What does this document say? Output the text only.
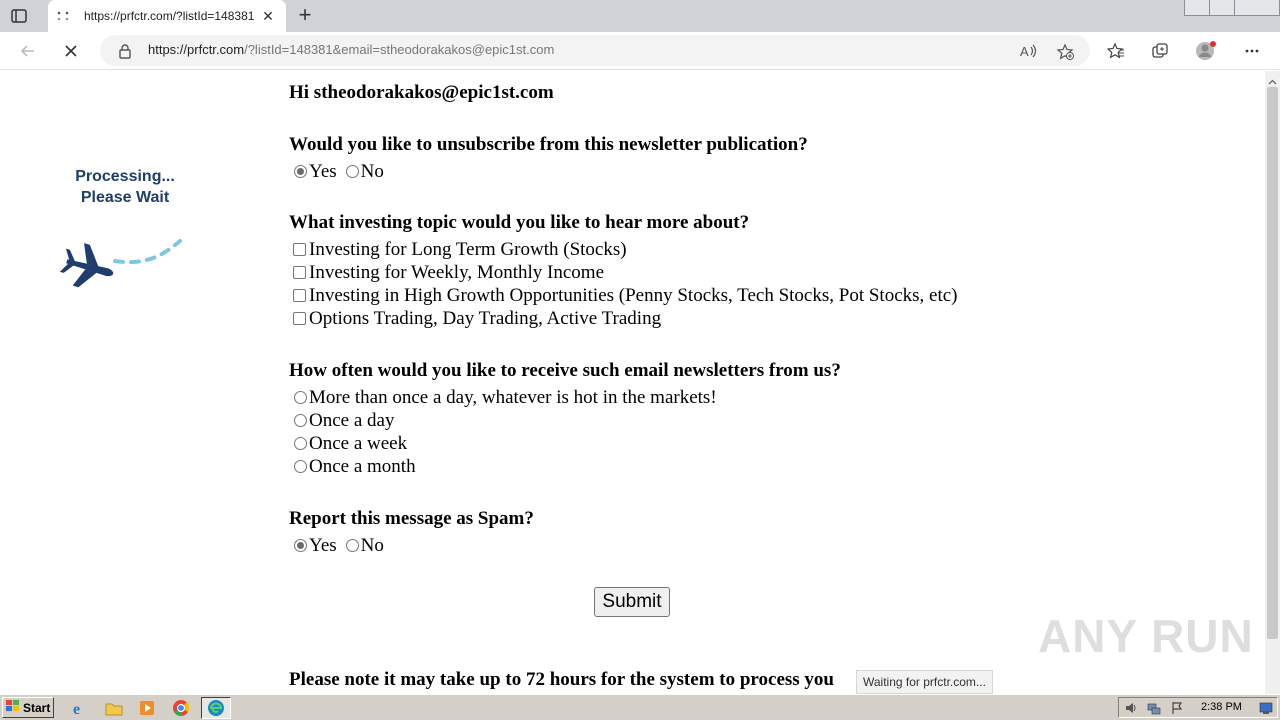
https://prfctr.com/?listId=148381 ✕ +
https://prfctr.com/?listId=148381&email=stheodorakakos@epic1st.com	A
Processing...
Please Wait
Hi stheodorakakos@epic1st.com
Would you like to unsubscribe from this newsletter publication?
Yes No
What investing topic would you like to hear more about?
Investing for Long Term Growth (Stocks)
Investing for Weekly, Monthly Income
Investing in High Growth Opportunities (Penny Stocks, Tech Stocks, Pot Stocks, etc)
Options Trading, Day Trading, Active Trading
How often would you like to receive such email newsletters from us?
More than once a day, whatever is hot in the markets!
Once a day
Once a week
Once a month
Report this message as Spam?
Yes No
Submit
ANY RUN
Please note it may take up to 72 hours for the system to process you	Waiting for prfctr.com...
Start e	2:38 PM
